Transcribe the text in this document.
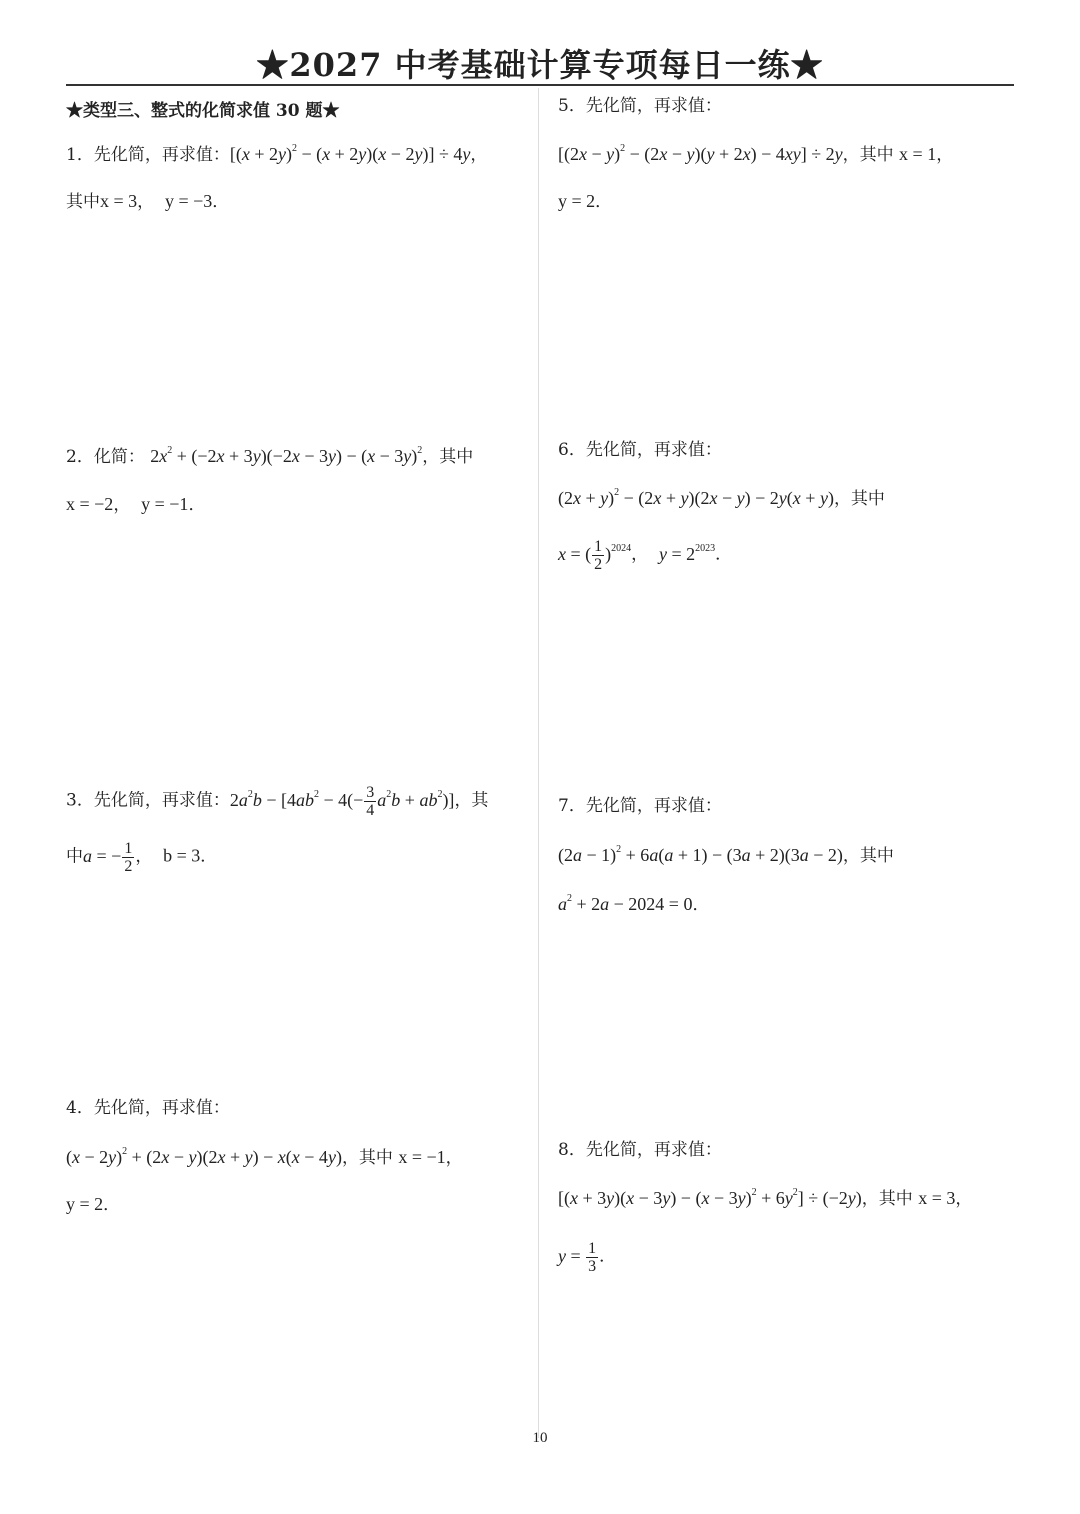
★2027 中考基础计算专项每日一练★
★类型三、整式的化简求值 30 题★
1．先化简，再求值：$[(x + 2y)^2 - (x + 2y)(x - 2y)] \div 4y$，
其中x = 3， y = −3．
2．化简： $2x^2 + (-2x + 3y)(-2x - 3y) - (x - 3y)^2$，其中
x = −2， y = −1．
3．先化简，再求值：$2a^2b - [4ab^2 - 4(- \frac{3}{4} a^2b + ab^2)]$，其
中a = − $\frac{1}{2}$ ， b = 3．
4．先化简，再求值：
$(x - 2y)^2 + (2x - y)(2x + y) - x(x - 4y)$，其中 x = −1，
y = 2．
5．先化简，再求值：
$[(2x - y)^2 - (2x - y)(y + 2x) - 4xy] \div 2y$，其中 x = 1，
y = 2．
6．先化简，再求值：
$(2x + y)^2 - (2x + y)(2x - y) - 2y(x + y)$，其中
x = ( $\frac{1}{2} )^{2024}$， $y = 2^{2023}$．
7．先化简，再求值：
$(2a - 1)^2 + 6a(a + 1) - (3a + 2)(3a - 2)$，其中
$a^2 + 2a - 2024 = 0$．
8．先化简，再求值：
$[(x + 3y)(x - 3y) - (x - 3y)^2 + 6y^2] \div (-2y)$，其中 x = 3，
$y = \frac{1}{3}$ ．
10
